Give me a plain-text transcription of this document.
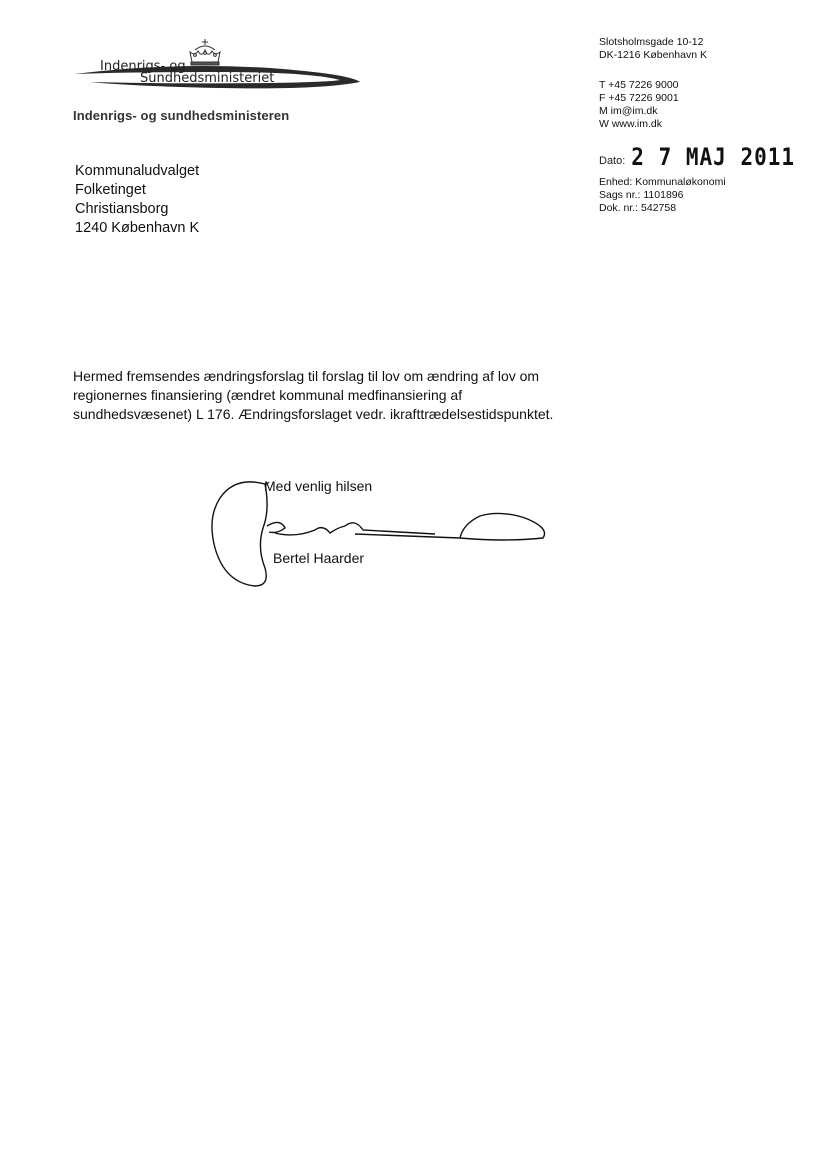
Indenrigs- og
Sundhedsministeriet
Indenrigs- og sundhedsministeren
Slotsholmsgade 10-12
DK-1216 København K
T +45 7226 9000
F +45 7226 9001
M im@im.dk
W www.im.dk
Dato: 2 7 MAJ 2011
Enhed: Kommunaløkonomi
Sags nr.: 1101896
Dok. nr.: 542758
Kommunaludvalget
Folketinget
Christiansborg
1240 København K
Hermed fremsendes ændringsforslag til forslag til lov om ændring af lov om
regionernes finansiering (ændret kommunal medfinansiering af
sundhedsvæsenet) L 176. Ændringsforslaget vedr. ikrafttrædelsestidspunktet.
Med venlig hilsen
Bertel Haarder
